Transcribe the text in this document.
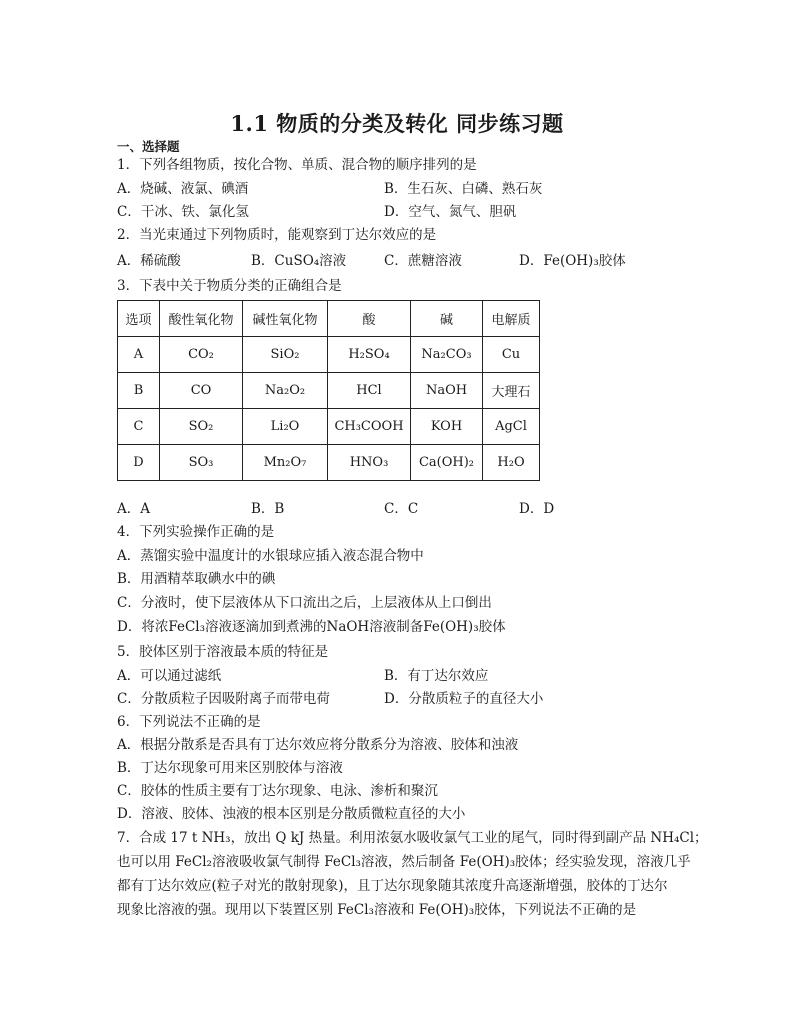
1.1 物质的分类及转化 同步练习题
一、选择题
1．下列各组物质，按化合物、单质、混合物的顺序排列的是
A．烧碱、液氯、碘酒	B．生石灰、白磷、熟石灰
C．干冰、铁、氯化氢	D．空气、氮气、胆矾
2．当光束通过下列物质时，能观察到丁达尔效应的是
A．稀硫酸	B．CuSO₄溶液	C．蔗糖溶液	D．Fe(OH)₃胶体
3．下表中关于物质分类的正确组合是
选项	酸性氧化物	碱性氧化物	酸	碱	电解质
A	CO₂	SiO₂	H₂SO₄	Na₂CO₃	Cu
B	CO	Na₂O₂	HCl	NaOH	大理石
C	SO₂	Li₂O	CH₃COOH	KOH	AgCl
D	SO₃	Mn₂O₇	HNO₃	Ca(OH)₂	H₂O
A．A	B．B	C．C	D．D
4．下列实验操作正确的是
A．蒸馏实验中温度计的水银球应插入液态混合物中
B．用酒精萃取碘水中的碘
C．分液时，使下层液体从下口流出之后，上层液体从上口倒出
D．将浓FeCl₃溶液逐滴加到煮沸的NaOH溶液制备Fe(OH)₃胶体
5．胶体区别于溶液最本质的特征是
A．可以通过滤纸	B．有丁达尔效应
C．分散质粒子因吸附离子而带电荷	D．分散质粒子的直径大小
6．下列说法不正确的是
A．根据分散系是否具有丁达尔效应将分散系分为溶液、胶体和浊液
B．丁达尔现象可用来区别胶体与溶液
C．胶体的性质主要有丁达尔现象、电泳、渗析和聚沉
D．溶液、胶体、浊液的根本区别是分散质微粒直径的大小
7．合成 17 t NH₃，放出 Q kJ 热量。利用浓氨水吸收氯气工业的尾气，同时得到副产品 NH₄Cl；
也可以用 FeCl₂溶液吸收氯气制得 FeCl₃溶液，然后制备 Fe(OH)₃胶体；经实验发现，溶液几乎
都有丁达尔效应(粒子对光的散射现象)，且丁达尔现象随其浓度升高逐渐增强，胶体的丁达尔
现象比溶液的强。现用以下装置区别 FeCl₃溶液和 Fe(OH)₃胶体，下列说法不正确的是
